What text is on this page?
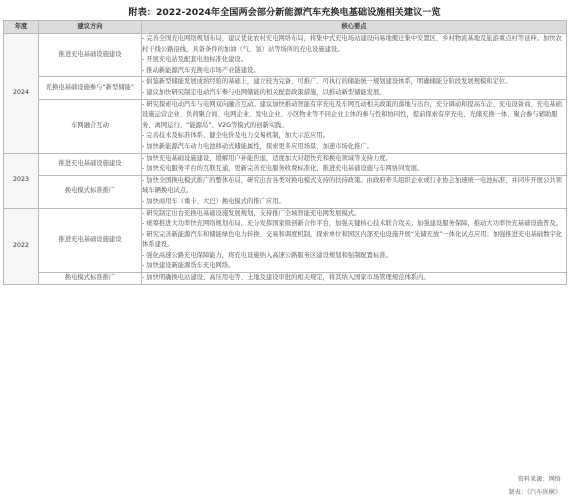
附表：2022-2024年全国两会部分新能源汽车充换电基础设施相关建议一览
年度	建议方向	核心要点
2024	推进充电基础设施建设	- 完善全国充电网络规划布局，建议优化农村充电网络布局，将集中式充电场站建设向易地搬迁集中安置区、乡村物流基地及旅游重点村等延伸。加快农村干线公路沿线，具备条件的加油（气、氢）站等场所的充电设施建设。
- 开展充电站及配套电池标准化建设。
- 推动新能源汽车充换电市场产业链建设。

	充换电基础设施参与“新型储能”	- 倡鉴新型储能发展成熟经验的基础上，建立较为完备、可推广、可执行的储能统一规划建设体系，明确储能分阶段发展规模和定位。
- 建议加快研究制定电动汽车参与电网储能的相关配套政策措施，以推动新型储能发展。

	车网融合互动	- 研究探索电动汽车与电网双向融合互动。建议加快推动智能有序充电及车网互动相关政策的落地与出台，充分调动和提高车企、充电设备商、充电基础设施运营企业、负荷聚合商、电网企业、发电企业、小区物业等不同企业主体的参与性和协同性，提前探索有序充电、光储充换一体、聚合参与辅助服务、离网运行、“能源岛”、V2G等模式的创新实践。
- 完善技术及标准体系、健全电价及电力交易机制，加大示范应用。
- 加快新能源汽车动力电池移动式储能属性，探索更多应用场景，加速市场化推广。

2023	推进充电基础设施建设	- 加快充电基础设施建设，缓解用户补能焦虑，适度加大对超快充和换电领域等支持力度。
- 加快充电服务平台的互联互通，更新完善充电服务收费标准化，推进充电基础设施与车网协同发展。

	换电模式标准推广	- 加快全国换电模式推广的整体布局，研究出台各类对换电模式支持的扶持政策。由政府牵头组织企业或行业协会加速统一电池标准，并同步开展公共领域车辆换电试点。
- 加快商用车（重卡、大巴）换电模式的推广应用。

2022	推进充电基础设施建设	- 研究制定出台充换电基础设施发展规划，支持推广全域智能充电网发展模式。
- 统筹推进大功率快充网络规划布局，充分发挥国家级创新合作平台，加强关键核心技术联合攻关；加强建设服务保障，推动大功率快充基础设施普及。
- 研究完善新能源汽车和储能绿色电力转换、交易和调度机制，探索单位和园区内部充电设施开展“光储充放”一体化试点应用；加强推进充电基础数字化体系建设。
- 强化高速公路充电保障能力，将充电设施纳入高速公路服务区建设规划和强制配置标准。
- 加快建设新能源货车充电网络。

	换电模式标准推广	- 加快明确换电站建设、高压用电等、土地及建设审批的相关规定，将其纳入国家市场管理规范体系内。
资料来源：网络
制表：《汽车纵横》
